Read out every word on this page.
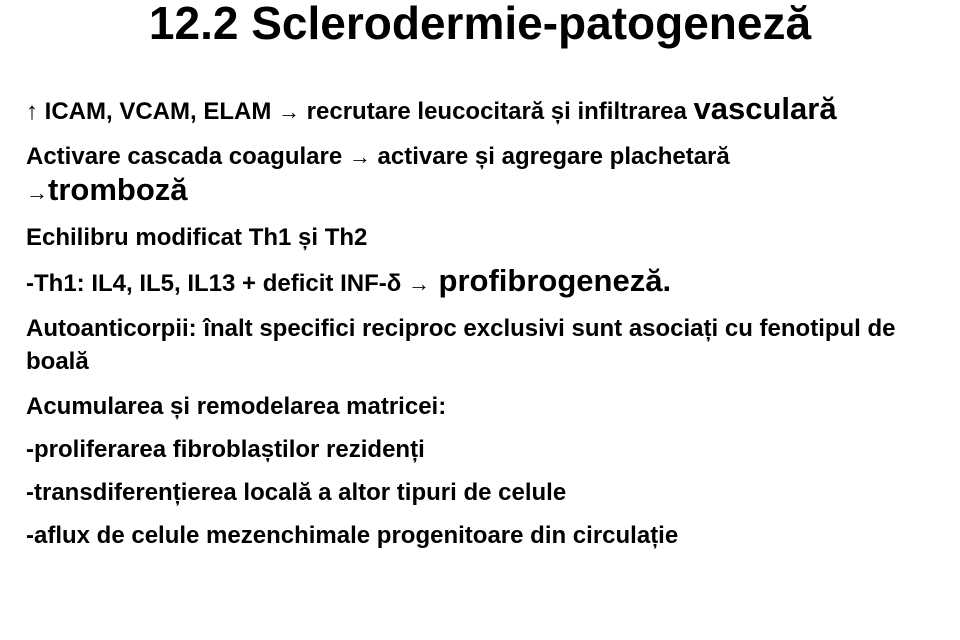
12.2 Sclerodermie-patogeneză
↑ ICAM, VCAM, ELAM → recrutare leucocitară și infiltrarea vasculară
Activare cascada coagulare → activare și agregare plachetară
→tromboză
Echilibru modificat Th1 și Th2
-Th1: IL4, IL5, IL13 + deficit INF-δ → profibrogeneză.
Autoanticorpii: înalt specifici reciproc exclusivi sunt asociați cu fenotipul de boală
Acumularea și remodelarea matricei:
-proliferarea fibroblaștilor rezidenți
-transdiferențierea locală a altor tipuri de celule
-aflux de celule mezenchimale progenitoare din circulație
